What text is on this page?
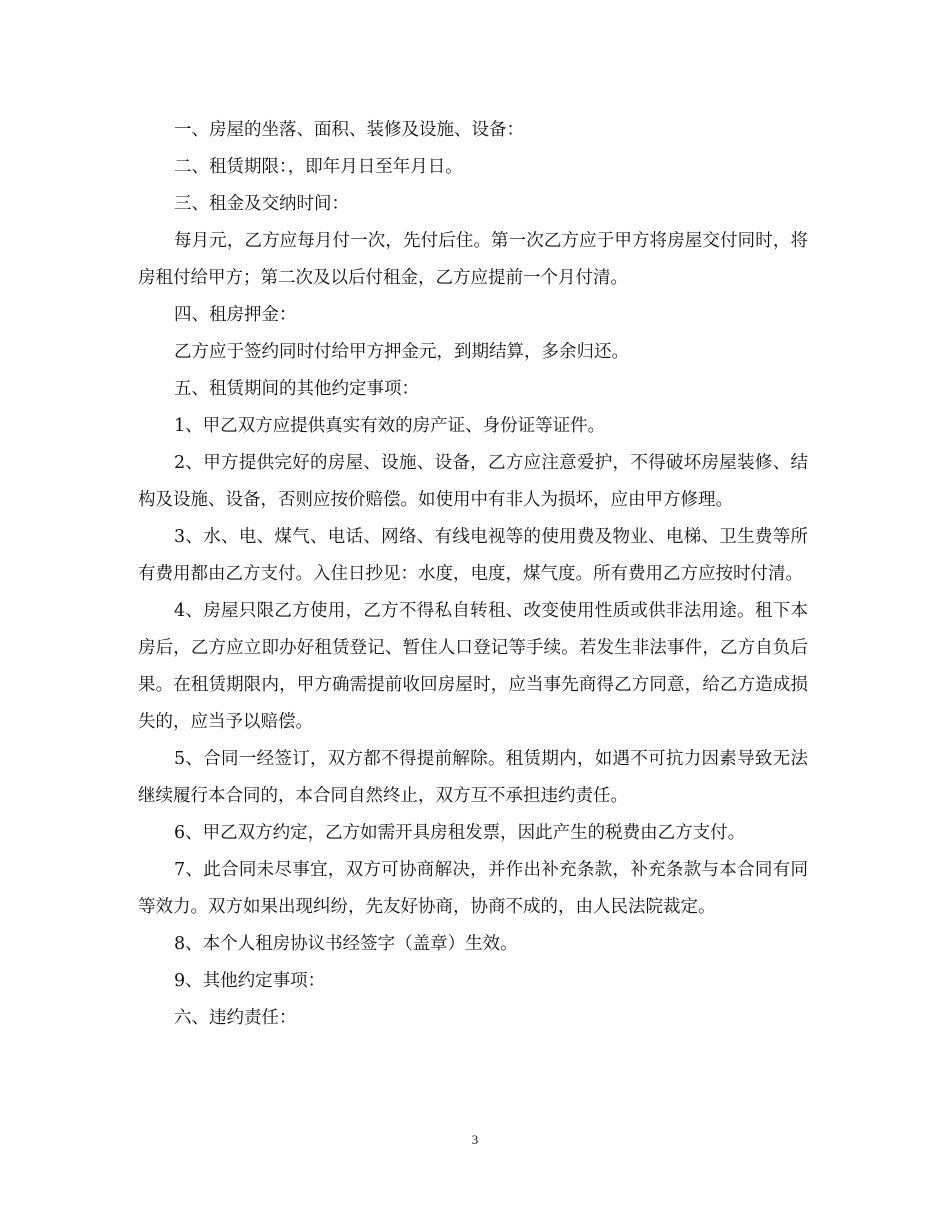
一、房屋的坐落、面积、装修及设施、设备：

二、租赁期限：，即年月日至年月日。

三、租金及交纳时间：

每月元，乙方应每月付一次，先付后住。第一次乙方应于甲方将房屋交付同时，将房租付给甲方；第二次及以后付租金，乙方应提前一个月付清。

四、租房押金：

乙方应于签约同时付给甲方押金元，到期结算，多余归还。

五、租赁期间的其他约定事项：

1、甲乙双方应提供真实有效的房产证、身份证等证件。

2、甲方提供完好的房屋、设施、设备，乙方应注意爱护，不得破坏房屋装修、结构及设施、设备，否则应按价赔偿。如使用中有非人为损坏，应由甲方修理。

3、水、电、煤气、电话、网络、有线电视等的使用费及物业、电梯、卫生费等所有费用都由乙方支付。入住日抄见：水度，电度，煤气度。所有费用乙方应按时付清。

4、房屋只限乙方使用，乙方不得私自转租、改变使用性质或供非法用途。租下本房后，乙方应立即办好租赁登记、暂住人口登记等手续。若发生非法事件，乙方自负后果。在租赁期限内，甲方确需提前收回房屋时，应当事先商得乙方同意，给乙方造成损失的，应当予以赔偿。

5、合同一经签订，双方都不得提前解除。租赁期内，如遇不可抗力因素导致无法继续履行本合同的，本合同自然终止，双方互不承担违约责任。

6、甲乙双方约定，乙方如需开具房租发票，因此产生的税费由乙方支付。

7、此合同未尽事宜，双方可协商解决，并作出补充条款，补充条款与本合同有同等效力。双方如果出现纠纷，先友好协商，协商不成的，由人民法院裁定。

8、本个人租房协议书经签字（盖章）生效。

9、其他约定事项：

六、违约责任：

3
